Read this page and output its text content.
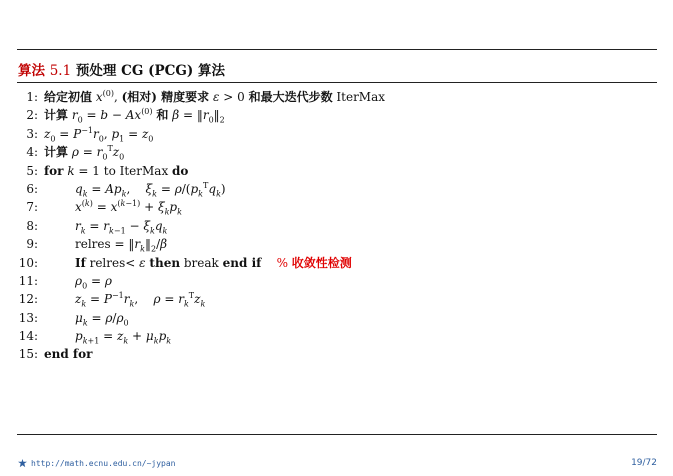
算法 5.1 预处理 CG (PCG) 算法
1: 给定初值 $x^{(0)}$, (相对) 精度要求 ε > 0 和最大迭代步数 IterMax
2: 计算 $r_0 = b - Ax^{(0)}$ 和 $\beta = ‖r_0‖_2$
3: $z_0 = P^{-1}r_0$, $p_1 = z_0$
4: 计算 $\rho = r_0^Tz_0$
5: for k = 1 to IterMax do
6:	$q_k = Ap_k$,    $\xi_k = \rho/(p_k^Tq_k)$
7:	$x^{(k)} = x^{(k-1)} + \xi_kp_k$
8:	$r_k = r_{k-1} - \xi_kq_k$
9:	relres = $‖r_k‖_2/\beta$
10:	If relres< ε then break end if % 收敛性检测
11:	$\rho_0 = \rho$
12:	$z_k = P^{-1}r_k$,    $\rho = r_k^Tz_k$
13:	$\mu_k = \rho/\rho_0$
14:	$p_{k+1} = z_k + \mu_kp_k$
15: end for
http://math.ecnu.edu.cn/~jypan	19/72
